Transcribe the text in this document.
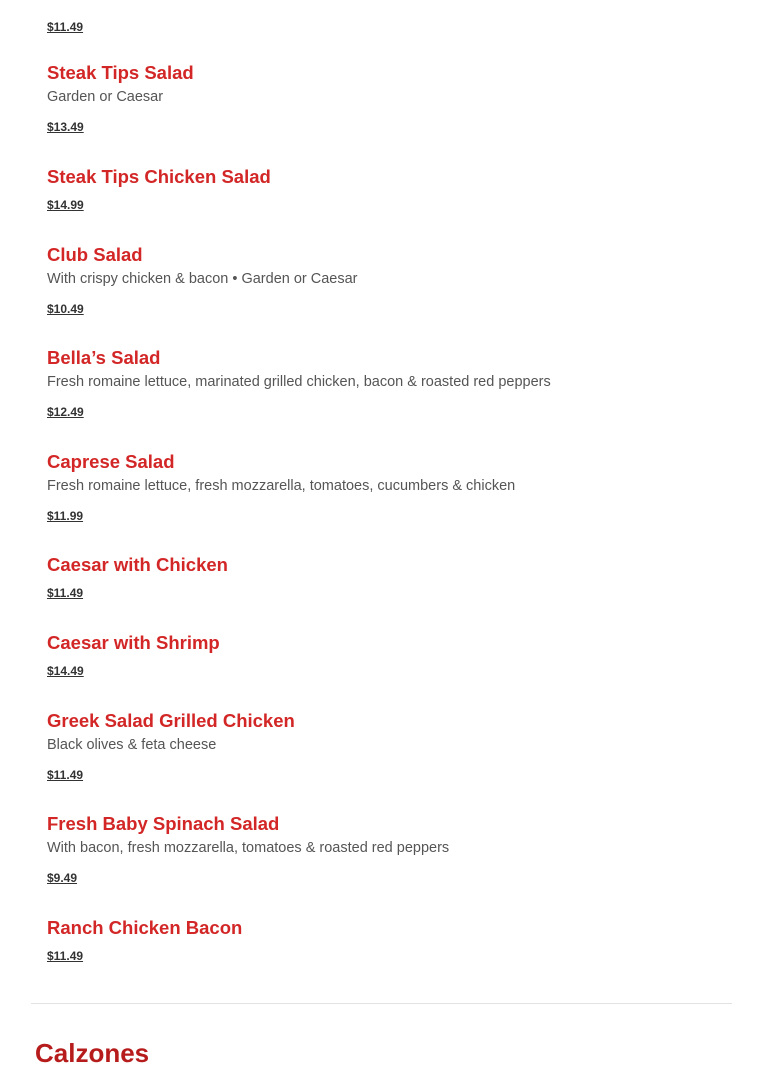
$11.49
Steak Tips Salad
Garden or Caesar
$13.49
Steak Tips Chicken Salad
$14.99
Club Salad
With crispy chicken & bacon • Garden or Caesar
$10.49
Bella’s Salad
Fresh romaine lettuce, marinated grilled chicken, bacon & roasted red peppers
$12.49
Caprese Salad
Fresh romaine lettuce, fresh mozzarella, tomatoes, cucumbers & chicken
$11.99
Caesar with Chicken
$11.49
Caesar with Shrimp
$14.49
Greek Salad Grilled Chicken
Black olives & feta cheese
$11.49
Fresh Baby Spinach Salad
With bacon, fresh mozzarella, tomatoes & roasted red peppers
$9.49
Ranch Chicken Bacon
$11.49
Calzones
